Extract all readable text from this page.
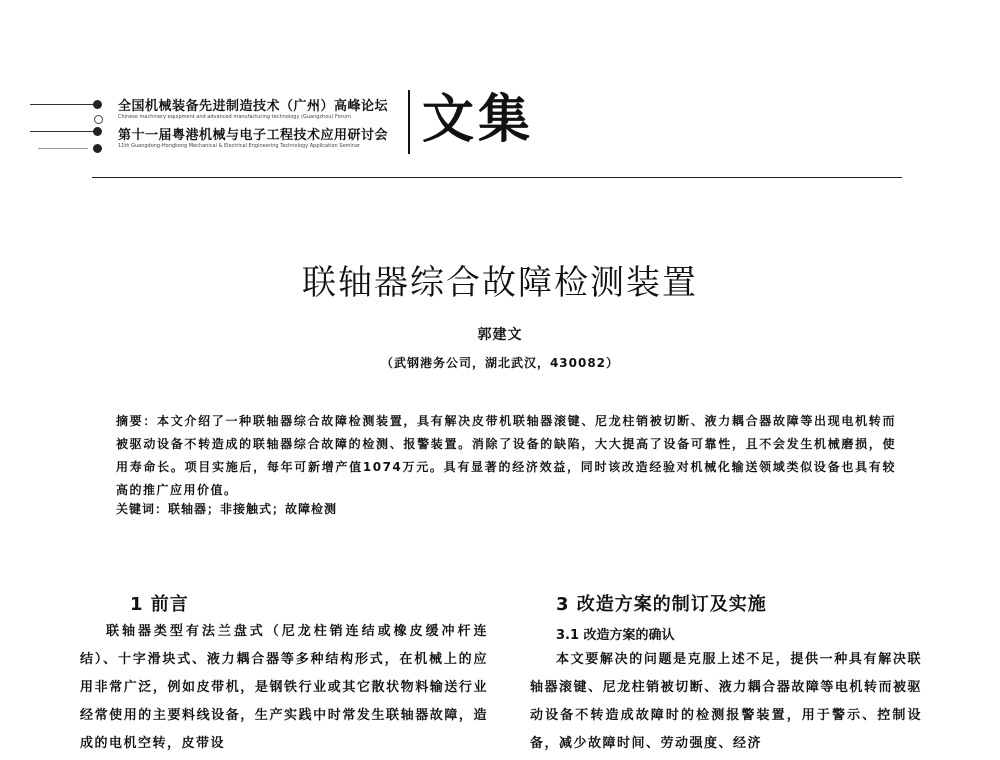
全国机械装备先进制造技术（广州）高峰论坛
Chinese machinery equipment and advanced manufacturing technology (Guangzhou) Forum
第十一届粤港机械与电子工程技术应用研讨会
11th Guangdong-Hongkong Mechanical & Electrical Engineering Technology Application Seminar 文集
联轴器综合故障检测装置
郭建文
（武钢港务公司，湖北武汉，430082）

摘要：本文介绍了一种联轴器综合故障检测装置，具有解决皮带机联轴器滚键、尼龙柱销被切断、液力耦合器故障等出现电机转而被驱动设备不转造成的联轴器综合故障的检测、报警装置。消除了设备的缺陷，大大提高了设备可靠性，且不会发生机械磨损，使用寿命长。项目实施后，每年可新增产值1074万元。具有显著的经济效益，同时该改造经验对机械化输送领域类似设备也具有较高的推广应用价值。

关键词：联轴器；非接触式；故障检测
1 前言

联轴器类型有法兰盘式（尼龙柱销连结或橡皮缓冲杆连结）、十字滑块式、液力耦合器等多种结构形式，在机械上的应用非常广泛，例如皮带机，是钢铁行业或其它散状物料输送行业经常使用的主要料线设备，生产实践中时常发生联轴器故障，造成的电机空转，皮带设

3 改造方案的制订及实施
3.1 改造方案的确认

本文要解决的问题是克服上述不足，提供一种具有解决联轴器滚键、尼龙柱销被切断、液力耦合器故障等电机转而被驱动设备不转造成故障时的检测报警装置，用于警示、控制设备，减少故障时间、劳动强度、经济
